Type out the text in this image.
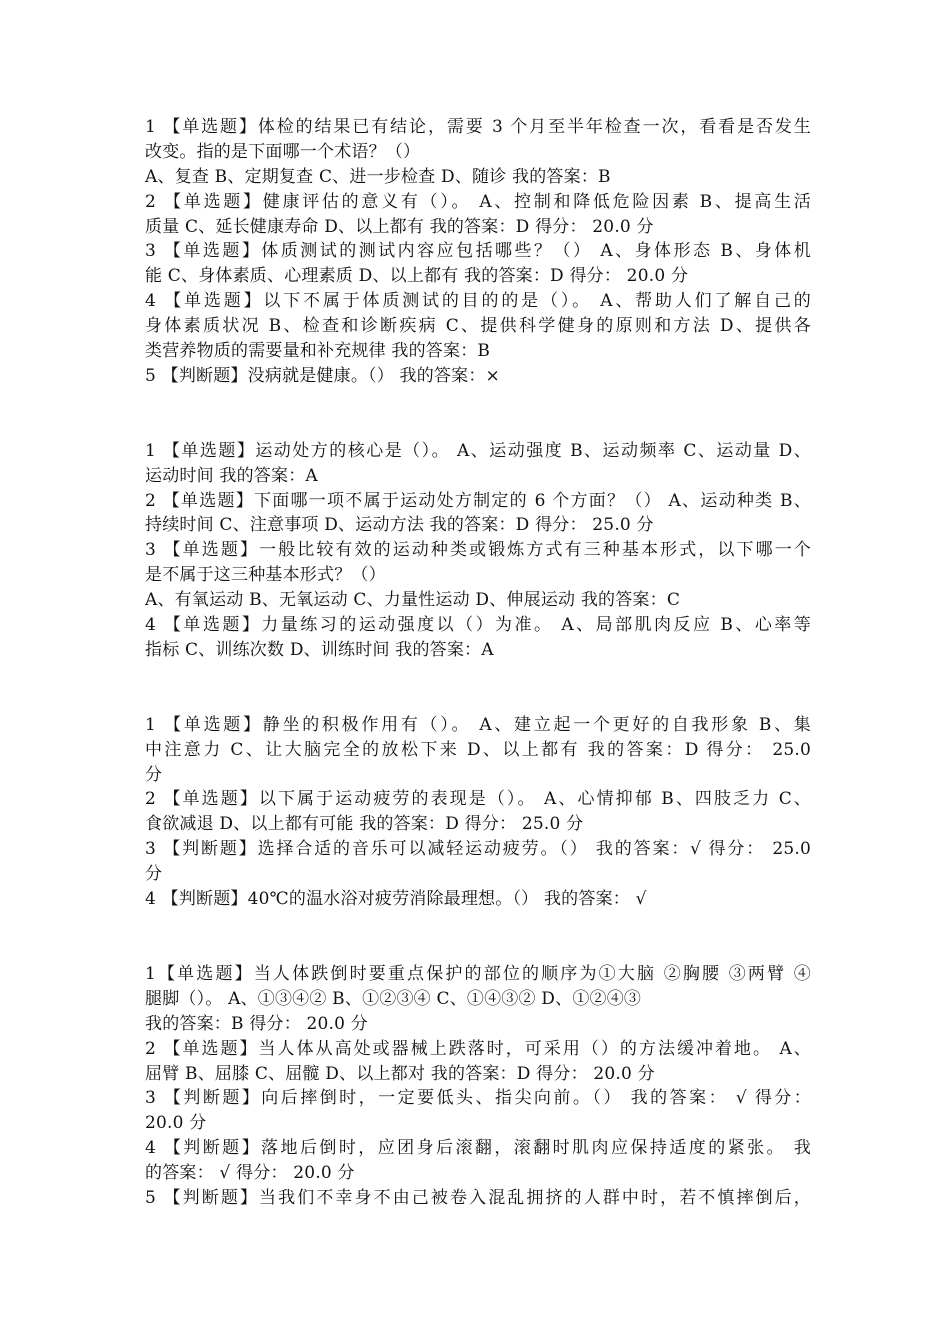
1 【单选题】体检的结果已有结论，需要 3 个月至半年检查一次，看看是否发生
改变。指的是下面哪一个术语？（）
A、复查 B、定期复查 C、进一步检查 D、随诊 我的答案：B
2 【单选题】健康评估的意义有（）。 A、控制和降低危险因素 B、提高生活
质量 C、延长健康寿命 D、以上都有 我的答案：D 得分： 20.0 分
3 【单选题】体质测试的测试内容应包括哪些？（） A、身体形态 B、身体机
能 C、身体素质、心理素质 D、以上都有 我的答案：D 得分： 20.0 分
4 【单选题】以下不属于体质测试的目的的是（）。 A、帮助人们了解自己的
身体素质状况 B、检查和诊断疾病 C、提供科学健身的原则和方法 D、提供各
类营养物质的需要量和补充规律 我的答案：B
5 【判断题】没病就是健康。（） 我的答案：×
1 【单选题】运动处方的核心是（）。 A、运动强度 B、运动频率 C、运动量 D、
运动时间 我的答案：A
2 【单选题】下面哪一项不属于运动处方制定的 6 个方面？（） A、运动种类 B、
持续时间 C、注意事项 D、运动方法 我的答案：D 得分： 25.0 分
3 【单选题】一般比较有效的运动种类或锻炼方式有三种基本形式，以下哪一个
是不属于这三种基本形式？（）
A、有氧运动 B、无氧运动 C、力量性运动 D、伸展运动 我的答案：C
4 【单选题】力量练习的运动强度以（）为准。 A、局部肌肉反应 B、心率等
指标 C、训练次数 D、训练时间 我的答案：A
1 【单选题】静坐的积极作用有（）。 A、建立起一个更好的自我形象 B、集
中注意力 C、让大脑完全的放松下来 D、以上都有 我的答案：D 得分： 25.0
分
2 【单选题】以下属于运动疲劳的表现是（）。 A、心情抑郁 B、四肢乏力 C、
食欲减退 D、以上都有可能 我的答案：D 得分： 25.0 分
3 【判断题】选择合适的音乐可以减轻运动疲劳。（） 我的答案：√ 得分： 25.0
分
4 【判断题】40℃的温水浴对疲劳消除最理想。（） 我的答案： √
1【单选题】当人体跌倒时要重点保护的部位的顺序为①大脑 ②胸腰 ③两臂 ④
腿脚（）。 A、①③④② B、①②③④ C、①④③② D、①②④③
我的答案：B 得分： 20.0 分
2 【单选题】当人体从高处或器械上跌落时，可采用（）的方法缓冲着地。 A、
屈臂 B、屈膝 C、屈髋 D、以上都对 我的答案：D 得分： 20.0 分
3 【判断题】向后摔倒时，一定要低头、指尖向前。（） 我的答案： √ 得分：
20.0 分
4 【判断题】落地后倒时，应团身后滚翻，滚翻时肌肉应保持适度的紧张。 我
的答案： √ 得分： 20.0 分
5 【判断题】当我们不幸身不由己被卷入混乱拥挤的人群中时，若不慎摔倒后，
